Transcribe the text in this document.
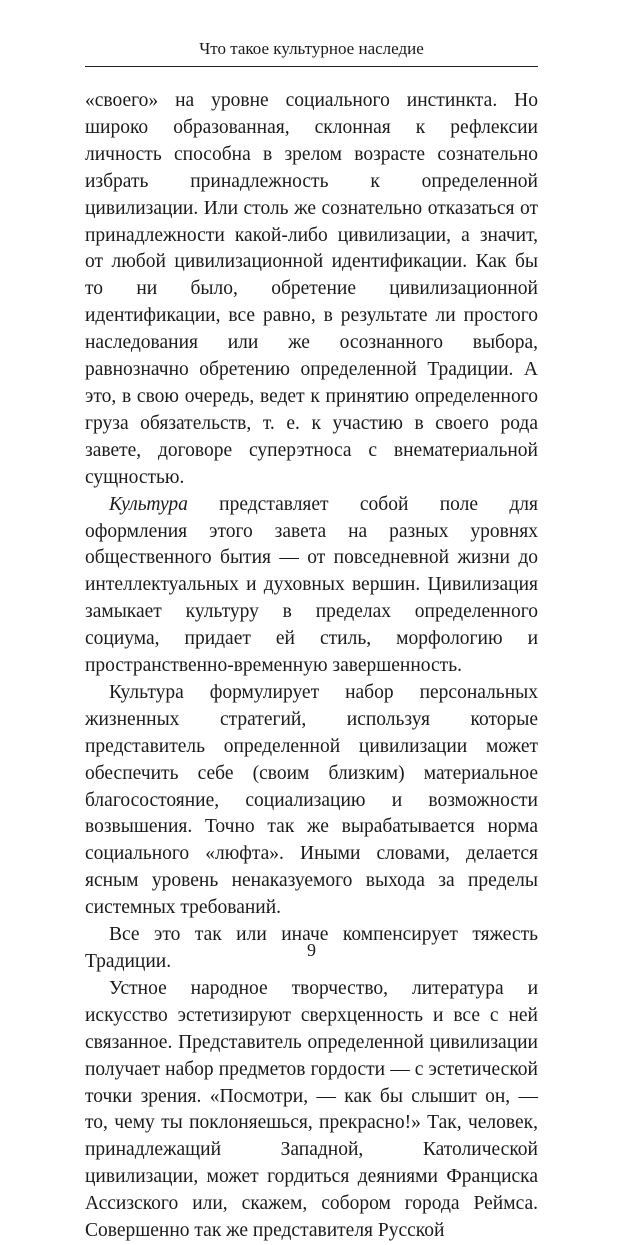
Что такое культурное наследие

«своего» на уровне социального инстинкта. Но широко образованная, склонная к рефлексии личность способна в зрелом возрасте сознательно избрать принадлежность к определенной цивилизации. Или столь же сознательно отказаться от принадлежности какой-либо цивилизации, а значит, от любой цивилизационной идентификации. Как бы то ни было, обретение цивилизационной идентификации, все равно, в результате ли простого наследования или же осознанного выбора, равнозначно обретению определенной Традиции. А это, в свою очередь, ведет к принятию определенного груза обязательств, т. е. к участию в своего рода завете, договоре суперэтноса с внематериальной сущностью.

Культура представляет собой поле для оформления этого завета на разных уровнях общественного бытия — от повседневной жизни до интеллектуальных и духовных вершин. Цивилизация замыкает культуру в пределах определенного социума, придает ей стиль, морфологию и пространственно-временную завершенность.

Культура формулирует набор персональных жизненных стратегий, используя которые представитель определенной цивилизации может обеспечить себе (своим близким) материальное благосостояние, социализацию и возможности возвышения. Точно так же вырабатывается норма социального «люфта». Иными словами, делается ясным уровень ненаказуемого выхода за пределы системных требований.

Все это так или иначе компенсирует тяжесть Традиции.

Устное народное творчество, литература и искусство эстетизируют сверхценность и все с ней связанное. Представитель определенной цивилизации получает набор предметов гордости — с эстетической точки зрения. «Посмотри, — как бы слышит он, — то, чему ты поклоняешься, прекрасно!» Так, человек, принадлежащий Западной, Католической цивилизации, может гордиться деяниями Франциска Ассизского или, скажем, собором города Реймса. Совершенно так же представителя Русской

9
